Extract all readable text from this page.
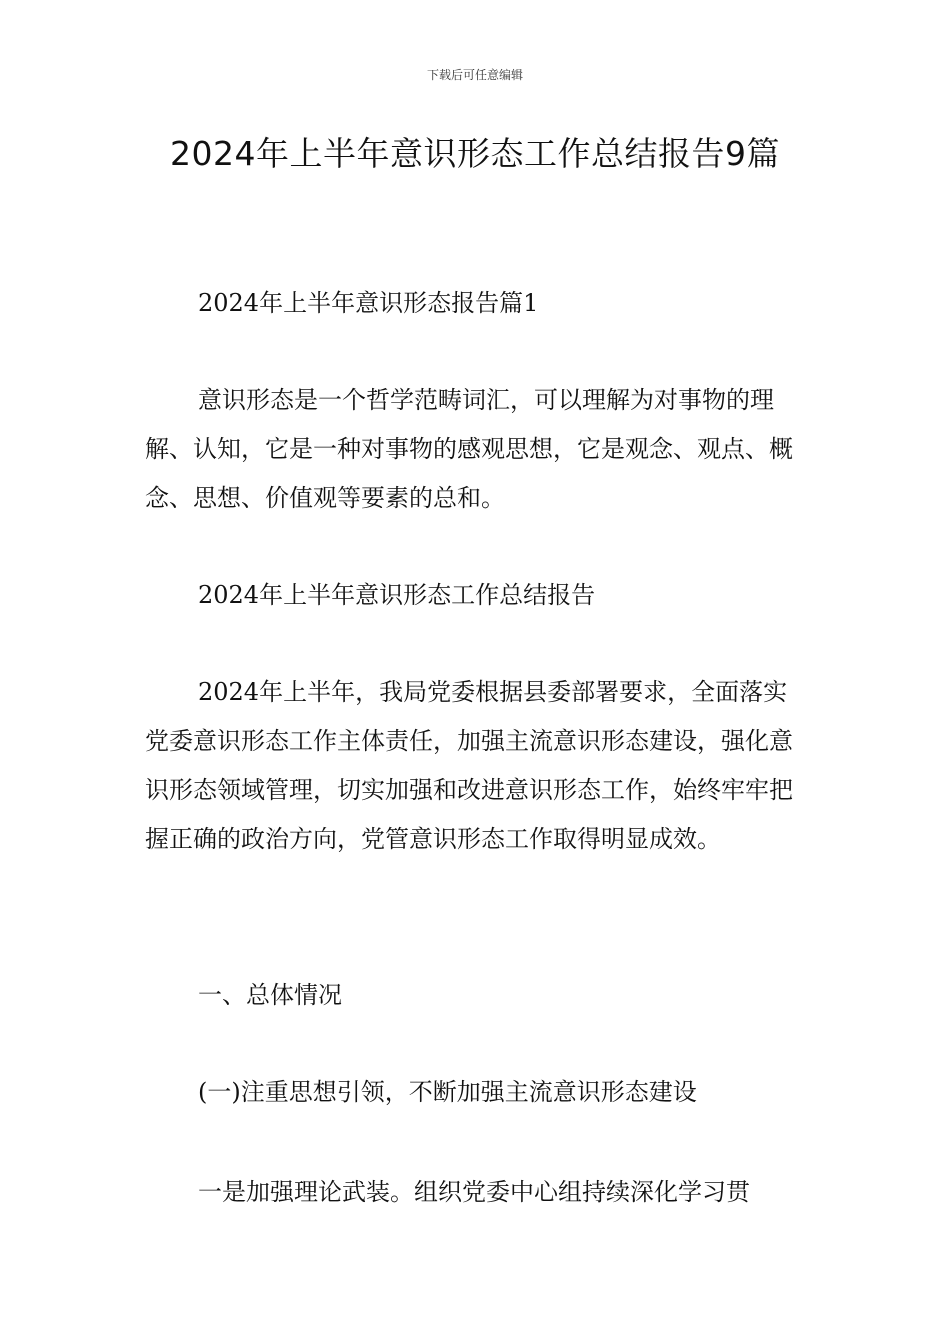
下载后可任意编辑
2024年上半年意识形态工作总结报告9篇

2024年上半年意识形态报告篇1

意识形态是一个哲学范畴词汇，可以理解为对事物的理解、认知，它是一种对事物的感观思想，它是观念、观点、概念、思想、价值观等要素的总和。

2024年上半年意识形态工作总结报告

2024年上半年，我局党委根据县委部署要求，全面落实党委意识形态工作主体责任，加强主流意识形态建设，强化意识形态领域管理，切实加强和改进意识形态工作，始终牢牢把握正确的政治方向，党管意识形态工作取得明显成效。

一、总体情况

(一)注重思想引领，不断加强主流意识形态建设

一是加强理论武装。组织党委中心组持续深化学习贯
